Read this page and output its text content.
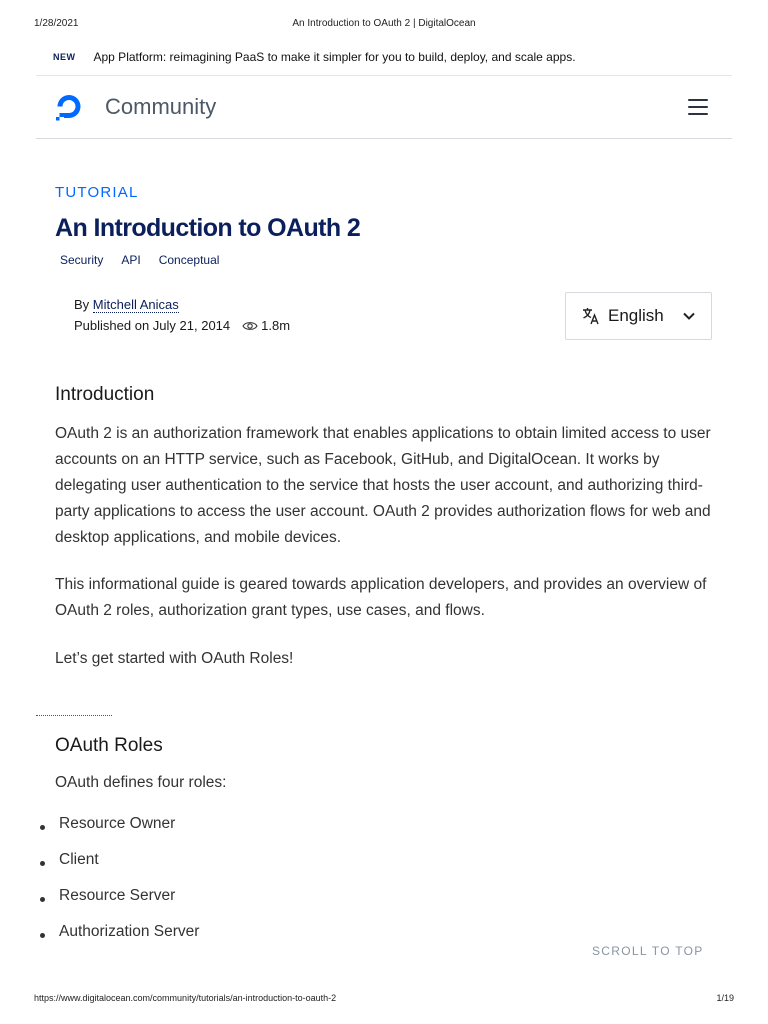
1/28/2021	An Introduction to OAuth 2 | DigitalOcean
NEW App Platform: reimagining PaaS to make it simpler for you to build, deploy, and scale apps.
Community
TUTORIAL
An Introduction to OAuth 2
Security API Conceptual
By Mitchell Anicas
Published on
July 21, 2014 1.8m
English
Introduction

OAuth 2 is an authorization framework that enables applications to obtain limited access to user accounts on an HTTP service, such as Facebook, GitHub, and DigitalOcean. It works by delegating user authentication to the service that hosts the user account, and authorizing third-party applications to access the user account. OAuth 2 provides authorization flows for web and desktop applications, and mobile devices.

This informational guide is geared towards application developers, and provides an overview of OAuth 2 roles, authorization grant types, use cases, and flows.

Let’s get started with OAuth Roles!

OAuth Roles

OAuth defines four roles:

Resource Owner
Client
Resource Server
Authorization Server
SCROLL TO TOP
https://www.digitalocean.com/community/tutorials/an-introduction-to-oauth-2	1/19
